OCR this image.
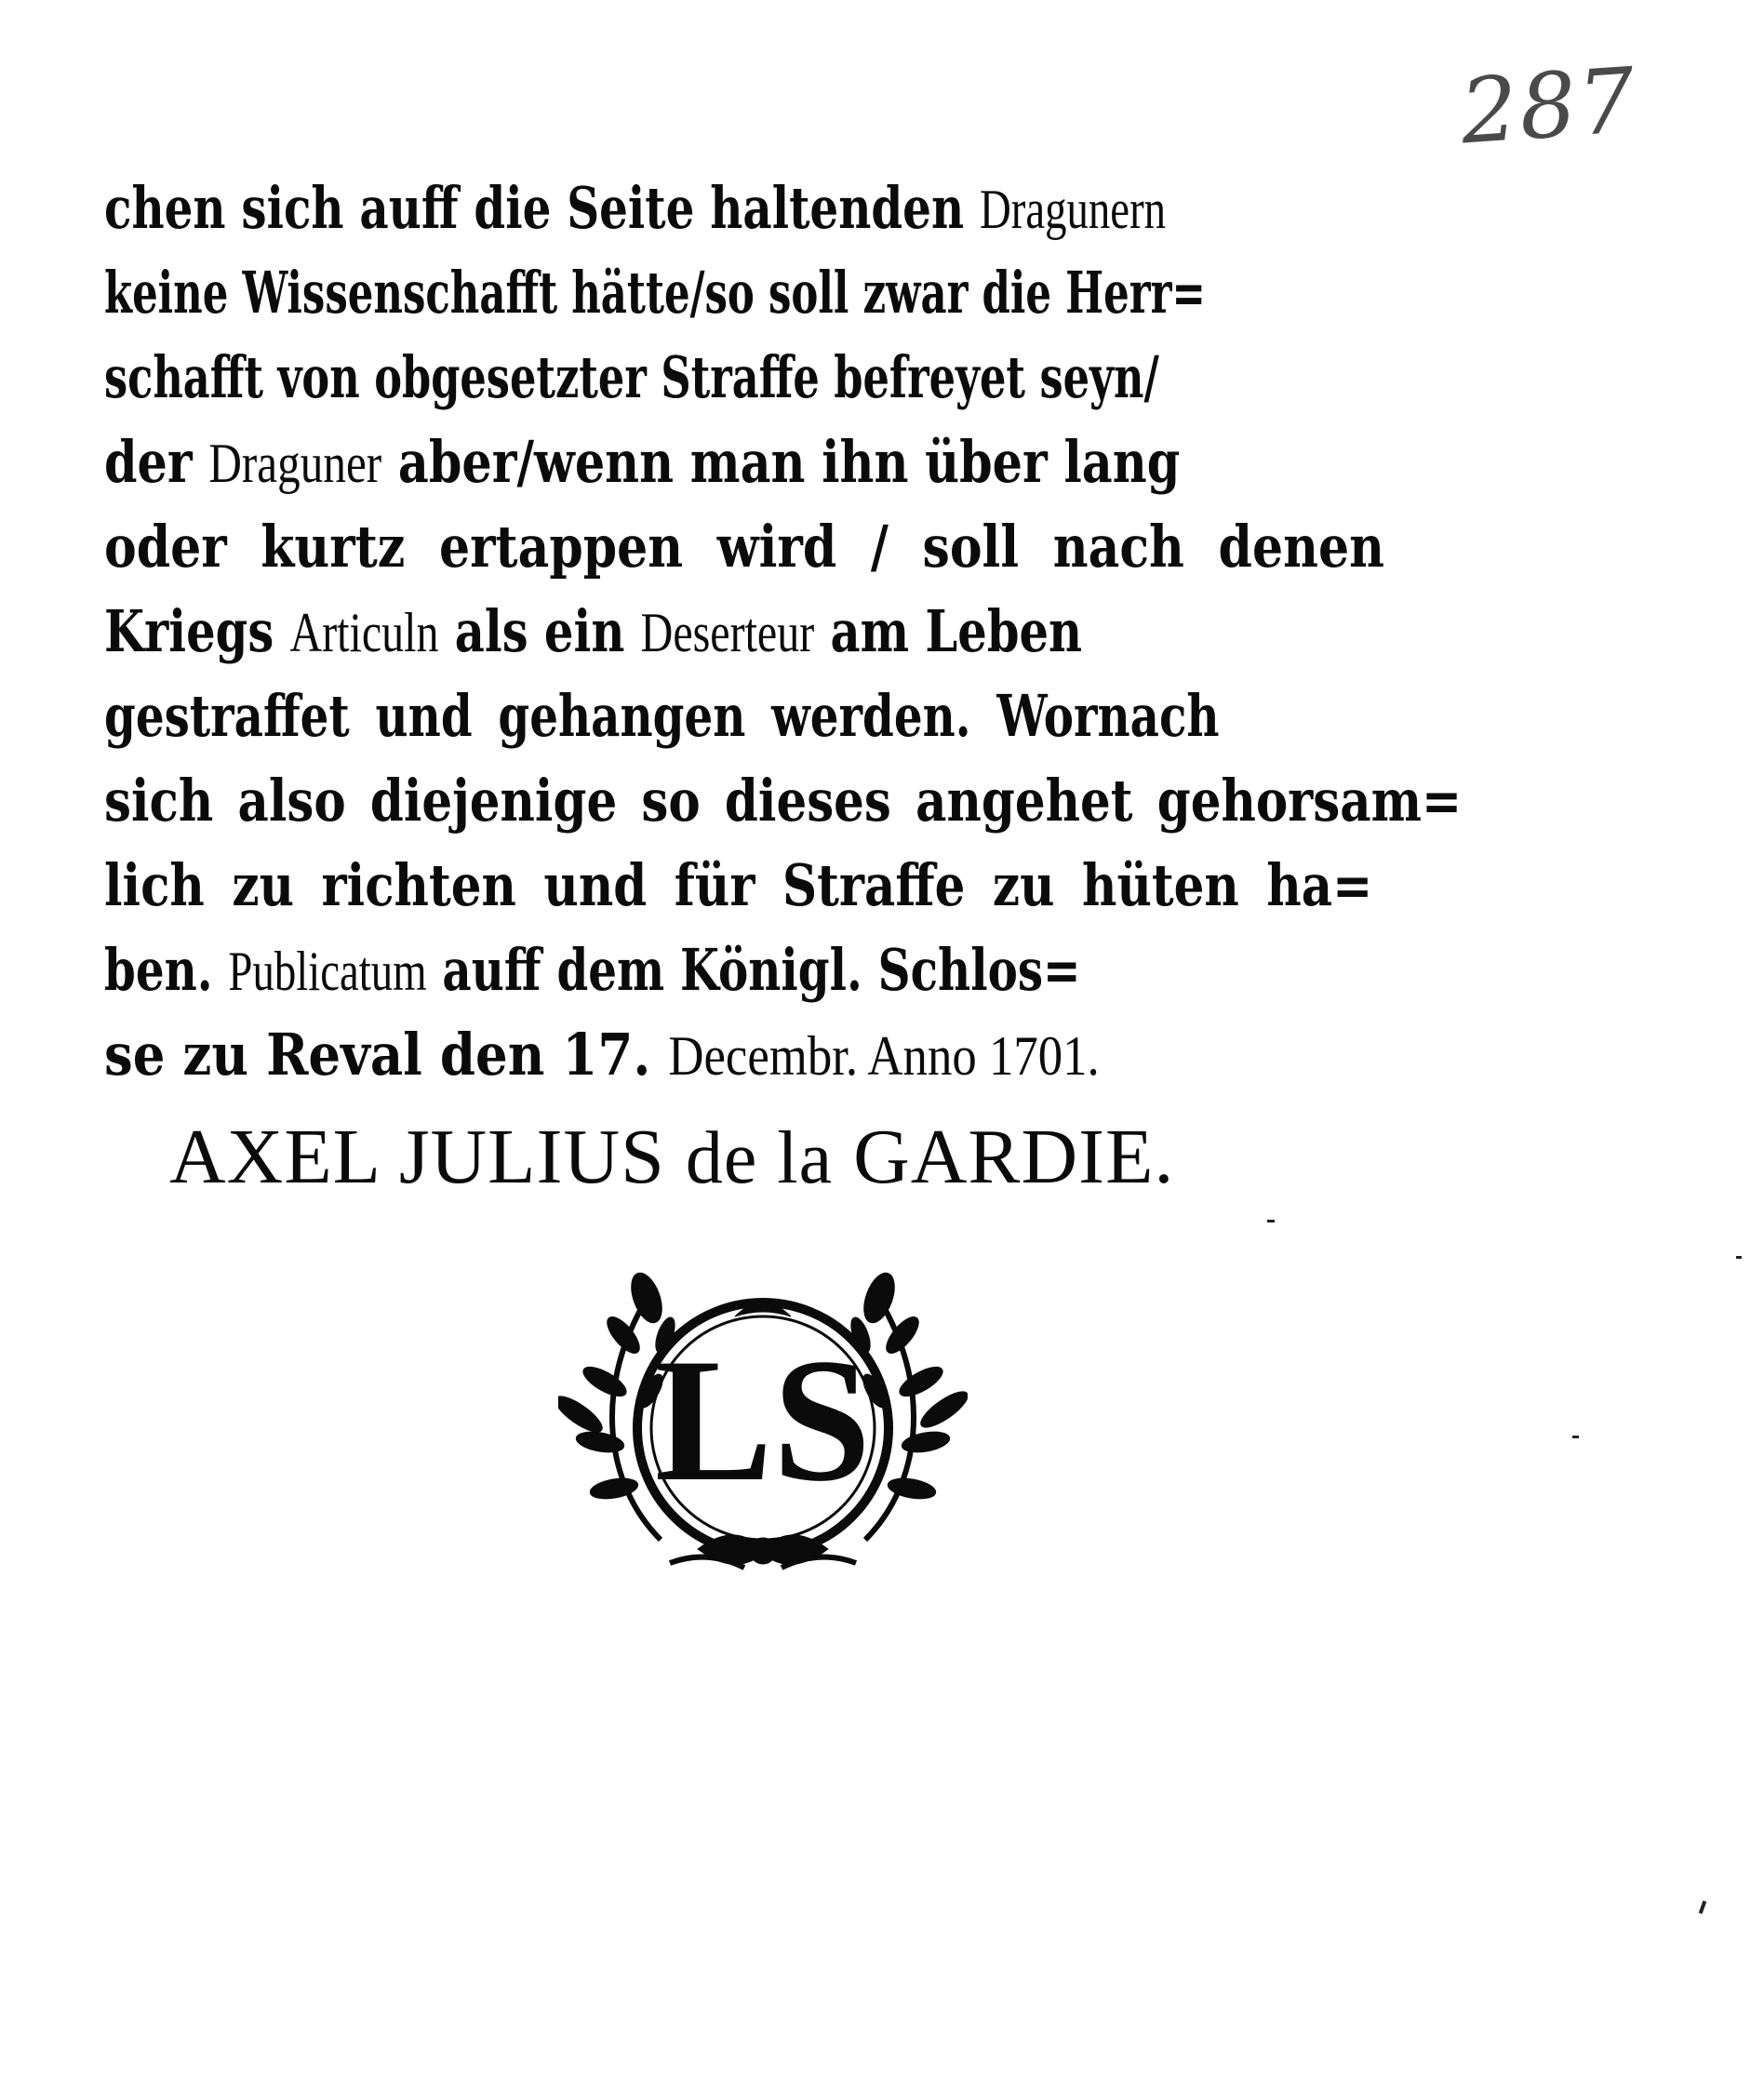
287
chen sich auff die Seite haltenden Dragunern
keine Wissenschafft hätte/so soll zwar die Herr=
schafft von obgesetzter Straffe befreyet seyn/
der Draguner aber/wenn man ihn über lang
oder kurtz ertappen wird / soll nach denen
Kriegs Articuln als ein Deserteur am Leben
gestraffet und gehangen werden. Wornach
sich also diejenige so dieses angehet gehorsam=
lich zu richten und für Straffe zu hüten ha=
ben. Publicatum auff dem Königl. Schlos=
se zu Reval den 17. Decembr. Anno 1701.
AXEL JULIUS de la GARDIE.
LS
